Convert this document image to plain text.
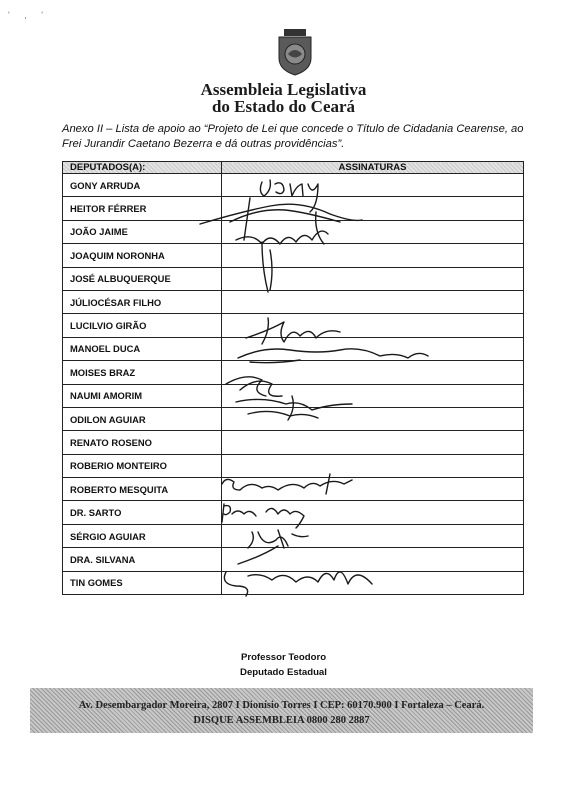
' , '
Assembleia Legislativa
do Estado do Ceará
Anexo II – Lista de apoio ao “Projeto de Lei que concede o Título de Cidadania Cearense, ao Frei Jurandir Caetano Bezerra e dá outras providências”.
DEPUTADOS(A):	ASSINATURAS
GONY ARRUDA	
HEITOR FÉRRER	
JOÃO JAIME	
JOAQUIM NORONHA	
JOSÉ ALBUQUERQUE	
JÚLIOCÉSAR FILHO	
LUCILVIO GIRÃO	
MANOEL DUCA	
MOISES BRAZ	
NAUMI AMORIM	
ODILON AGUIAR	
RENATO ROSENO	
ROBERIO MONTEIRO	
ROBERTO MESQUITA	
DR. SARTO	
SÉRGIO AGUIAR	
DRA. SILVANA	
TIN GOMES	
Professor Teodoro
Deputado Estadual
Av. Desembargador Moreira, 2807 I Dionísio Torres I CEP: 60170.900 I Fortaleza – Ceará.
DISQUE ASSEMBLEIA 0800 280 2887
